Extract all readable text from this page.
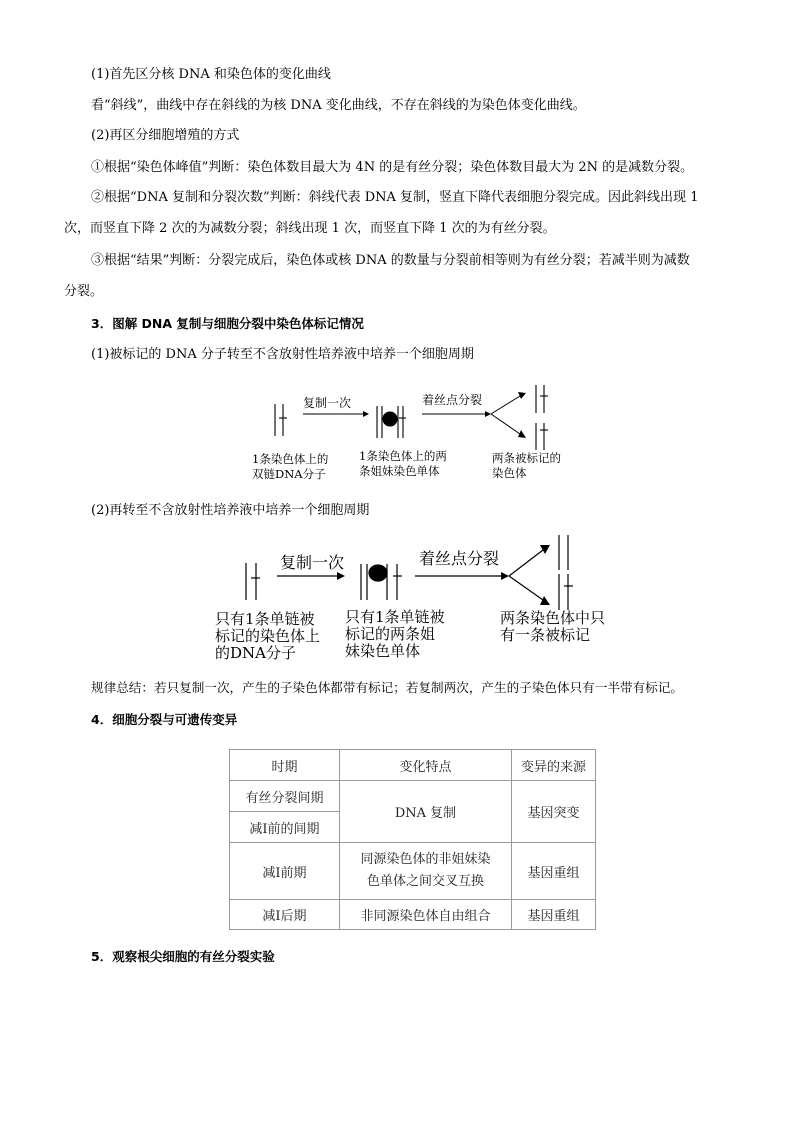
(1)首先区分核 DNA 和染色体的变化曲线
看“斜线”，曲线中存在斜线的为核 DNA 变化曲线，不存在斜线的为染色体变化曲线。
(2)再区分细胞增殖的方式
①根据“染色体峰值”判断：染色体数目最大为 4N 的是有丝分裂；染色体数目最大为 2N 的是减数分裂。
②根据“DNA 复制和分裂次数”判断：斜线代表 DNA 复制，竖直下降代表细胞分裂完成。因此斜线出现 1
次，而竖直下降 2 次的为减数分裂；斜线出现 1 次，而竖直下降 1 次的为有丝分裂。
③根据“结果”判断：分裂完成后，染色体或核 DNA 的数量与分裂前相等则为有丝分裂；若减半则为减数
分裂。
3．图解 DNA 复制与细胞分裂中染色体标记情况
(1)被标记的 DNA 分子转至不含放射性培养液中培养一个细胞周期
复制一次	着丝点分裂
1条染色体上的 双链DNA分子
1条染色体上的两 条姐妹染色单体
两条被标记的 染色体
(2)再转至不含放射性培养液中培养一个细胞周期
复制一次	着丝点分裂
只有1条单链被 标记的染色体上 的DNA分子
只有1条单链被 标记的两条姐 妹染色单体
两条染色体中只 有一条被标记
规律总结：若只复制一次，产生的子染色体都带有标记；若复制两次，产生的子染色体只有一半带有标记。
4．细胞分裂与可遗传变异
时期	变化特点	变异的来源
有丝分裂间期	DNA 复制	基因突变
减Ⅰ前的间期		
减Ⅰ前期	同源染色体的非姐妹染
色单体之间交叉互换	基因重组
减Ⅰ后期	非同源染色体自由组合	基因重组
5．观察根尖细胞的有丝分裂实验
